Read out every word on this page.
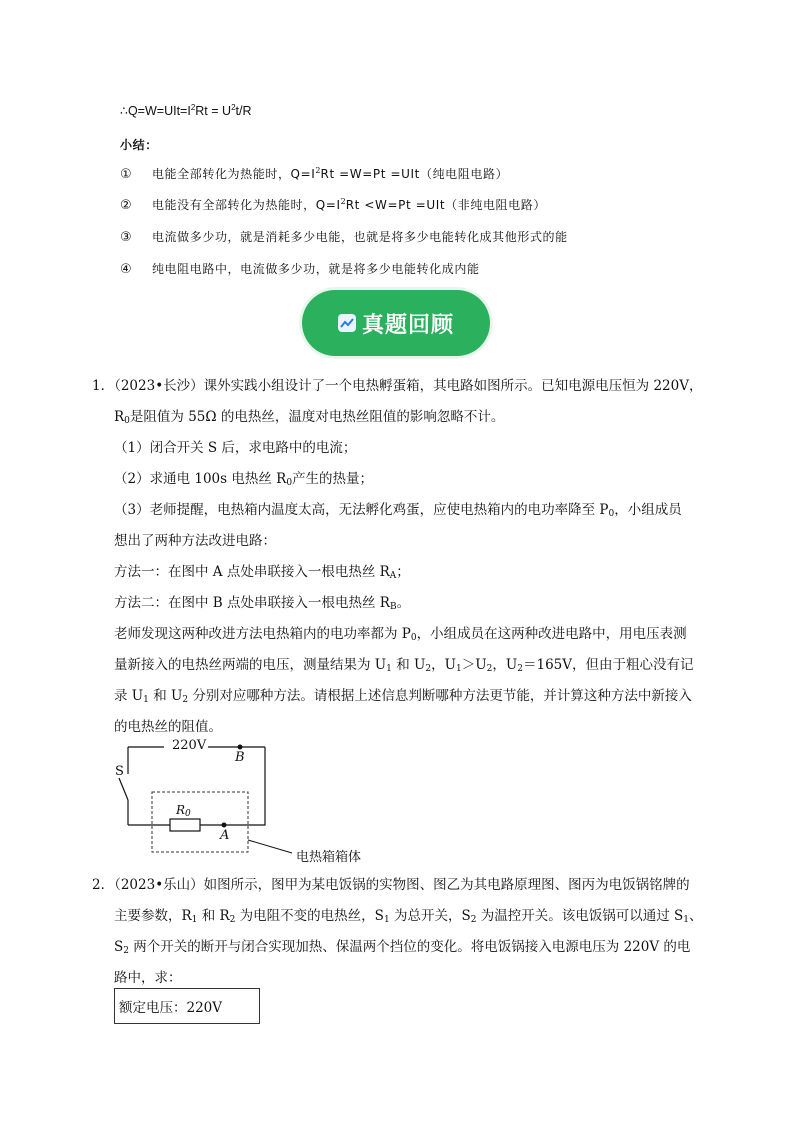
$\therefore Q=W=UIt=I^2Rt = U^2t/R$
小结：
① 电能全部转化为热能时，$Q=I^2Rt =W=Pt =UIt$（纯电阻电路）
② 电能没有全部转化为热能时，$Q=I^2Rt <W=Pt =UIt$（非纯电阻电路）
③ 电流做多少功，就是消耗多少电能，也就是将多少电能转化成其他形式的能
④ 纯电阻电路中，电流做多少功，就是将多少电能转化成内能
真题回顾
1．（2023•长沙）课外实践小组设计了一个电热孵蛋箱，其电路如图所示。已知电源电压恒为 220V，
$R_0$是阻值为 55Ω 的电热丝，温度对电热丝阻值的影响忽略不计。
（1）闭合开关 S 后，求电路中的电流；
（2）求通电 100s 电热丝 $R_0$产生的热量；
（3）老师提醒，电热箱内温度太高，无法孵化鸡蛋，应使电热箱内的电功率降至 $P_0$，小组成员
想出了两种方法改进电路：
方法一：在图中 A 点处串联接入一根电热丝 $R_A$；
方法二：在图中 B 点处串联接入一根电热丝 $R_B$。
老师发现这两种改进方法电热箱内的电功率都为 $P_0$，小组成员在这两种改进电路中，用电压表测
量新接入的电热丝两端的电压，测量结果为 $U_1$ 和 $U_2$，$U_1>U_2$，$U_2=165V$，但由于粗心没有记
录 $U_1$ 和 $U_2$ 分别对应哪种方法。请根据上述信息判断哪种方法更节能，并计算这种方法中新接入
的电热丝的阻值。
220V
B
S
$R_0$
A
电热箱箱体
2．（2023•乐山）如图所示，图甲为某电饭锅的实物图、图乙为其电路原理图、图丙为电饭锅铭牌的
主要参数，$R_1$ 和 $R_2$ 为电阻不变的电热丝，$S_1$ 为总开关，$S_2$ 为温控开关。该电饭锅可以通过 $S_1$、
$S_2$ 两个开关的断开与闭合实现加热、保温两个挡位的变化。将电饭锅接入电源电压为 220V 的电
路中，求：
额定电压：220V
